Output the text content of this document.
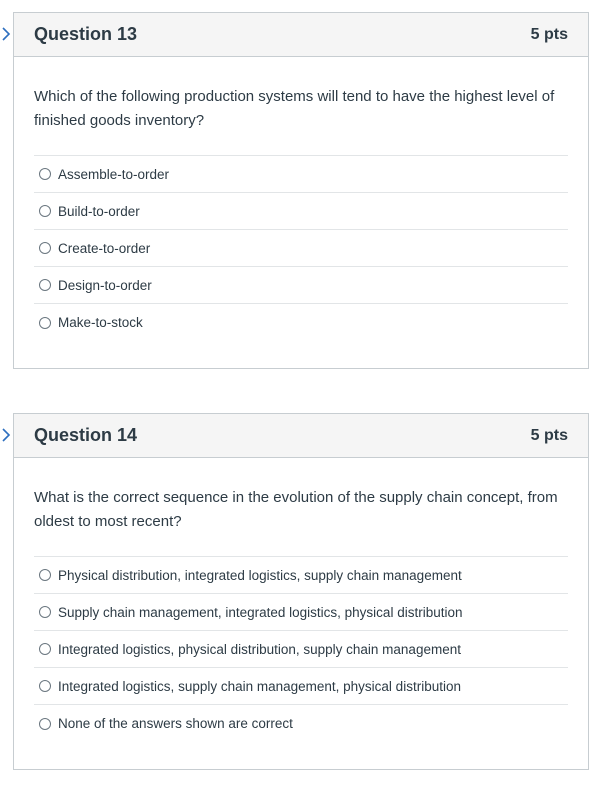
Question 13	5 pts

Which of the following production systems will tend to have the highest level of finished goods inventory?

Assemble-to-order
Build-to-order
Create-to-order
Design-to-order
Make-to-stock
Question 14	5 pts

What is the correct sequence in the evolution of the supply chain concept, from oldest to most recent?

Physical distribution, integrated logistics, supply chain management
Supply chain management, integrated logistics, physical distribution
Integrated logistics, physical distribution, supply chain management
Integrated logistics, supply chain management, physical distribution
None of the answers shown are correct
